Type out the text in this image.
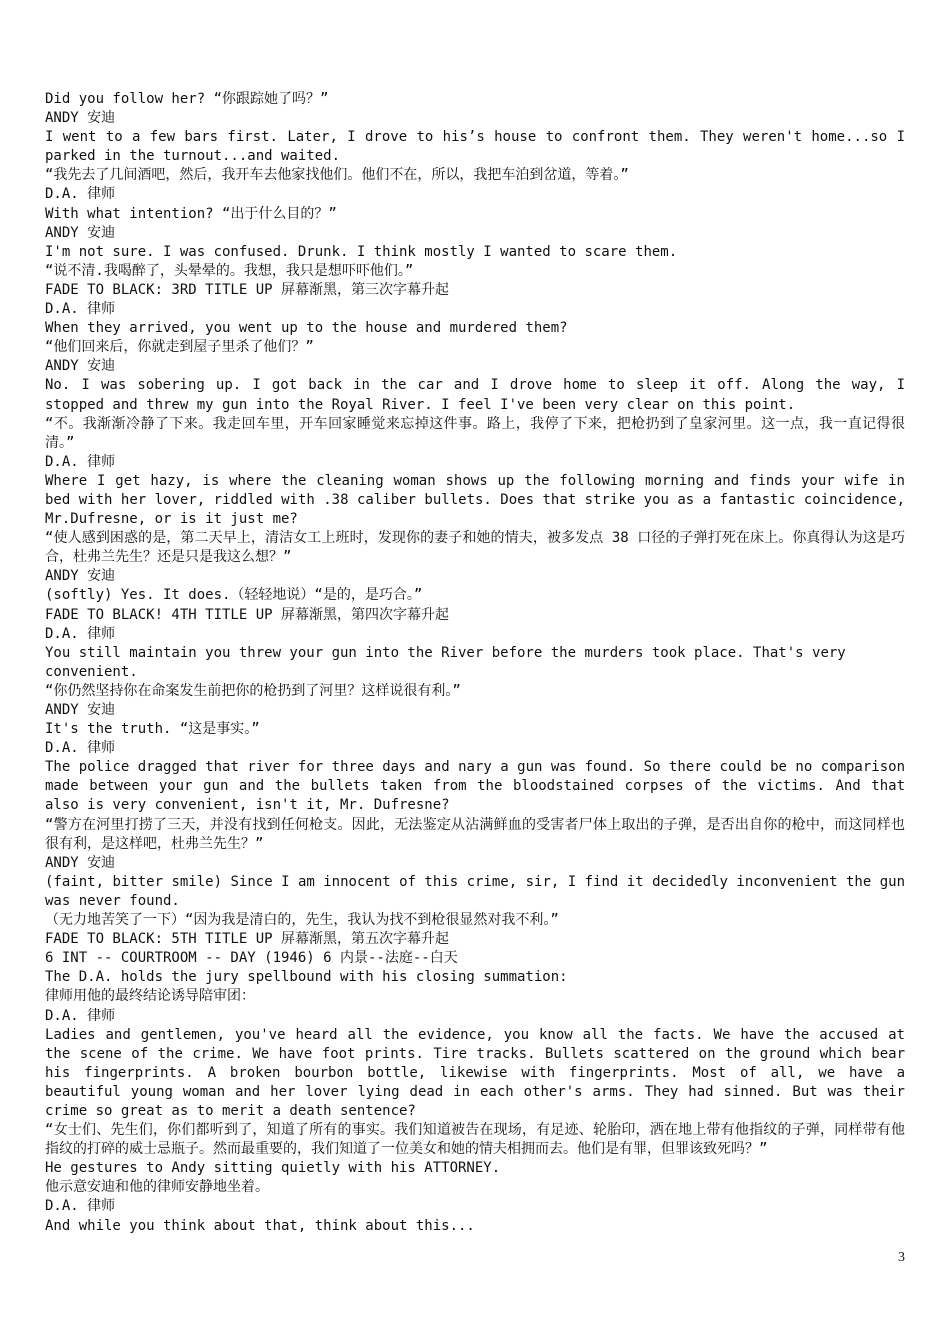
Did you follow her? “你跟踪她了吗？”

ANDY 安迪

I went to a few bars first. Later, I drove to his’s house to confront them. They weren't home...so I parked in the turnout...and waited.

“我先去了几间酒吧，然后，我开车去他家找他们。他们不在，所以，我把车泊到岔道，等着。”

D.A. 律师

With what intention? “出于什么目的？”

ANDY 安迪

I'm not sure. I was confused. Drunk. I think mostly I wanted to scare them.

“说不清.我喝醉了，头晕晕的。我想，我只是想吓吓他们。”

FADE TO BLACK: 3RD TITLE UP 屏幕渐黑，第三次字幕升起

D.A. 律师

When they arrived, you went up to the house and murdered them?

“他们回来后，你就走到屋子里杀了他们？”

ANDY 安迪

No. I was sobering up. I got back in the car and I drove home to sleep it off. Along the way, I stopped and threw my gun into the Royal River. I feel I've been very clear on this point.

“不。我渐渐冷静了下来。我走回车里，开车回家睡觉来忘掉这件事。路上，我停了下来，把枪扔到了皇家河里。这一点，我一直记得很清。”

D.A. 律师

Where I get hazy, is where the cleaning woman shows up the following morning and finds your wife in bed with her lover, riddled with .38 caliber bullets. Does that strike you as a fantastic coincidence, Mr.Dufresne, or is it just me?

“使人感到困惑的是，第二天早上，清洁女工上班时，发现你的妻子和她的情夫，被多发点 38 口径的子弹打死在床上。你真得认为这是巧合，杜弗兰先生？还是只是我这么想？”

ANDY 安迪

(softly) Yes. It does.（轻轻地说）“是的，是巧合。”

FADE TO BLACK! 4TH TITLE UP 屏幕渐黑，第四次字幕升起

D.A. 律师

You still maintain you threw your gun into the River before the murders took place. That's very convenient.

“你仍然坚持你在命案发生前把你的枪扔到了河里？这样说很有利。”

ANDY 安迪

It's the truth. “这是事实。”

D.A. 律师

The police dragged that river for three days and nary a gun was found. So there could be no comparison made between your gun and the bullets taken from the bloodstained corpses of the victims. And that also is very convenient, isn't it, Mr. Dufresne?

“警方在河里打捞了三天，并没有找到任何枪支。因此，无法鉴定从沾满鲜血的受害者尸体上取出的子弹，是否出自你的枪中，而这同样也很有利，是这样吧，杜弗兰先生？”

ANDY 安迪

(faint, bitter smile) Since I am innocent of this crime, sir, I find it decidedly inconvenient the gun was never found.

（无力地苦笑了一下）“因为我是清白的，先生，我认为找不到枪很显然对我不利。”

FADE TO BLACK: 5TH TITLE UP 屏幕渐黑，第五次字幕升起

6 INT -- COURTROOM -- DAY (1946) 6 内景--法庭--白天

The D.A. holds the jury spellbound with his closing summation:

律师用他的最终结论诱导陪审团：

D.A. 律师

Ladies and gentlemen, you've heard all the evidence, you know all the facts. We have the accused at the scene of the crime. We have foot prints. Tire tracks. Bullets scattered on the ground which bear his fingerprints. A broken bourbon bottle, likewise with fingerprints. Most of all, we have a beautiful young woman and her lover lying dead in each other's arms. They had sinned. But was their crime so great as to merit a death sentence?

“女士们、先生们，你们都听到了，知道了所有的事实。我们知道被告在现场，有足迹、轮胎印，洒在地上带有他指纹的子弹，同样带有他指纹的打碎的威士忌瓶子。然而最重要的，我们知道了一位美女和她的情夫相拥而去。他们是有罪，但罪该致死吗？”

He gestures to Andy sitting quietly with his ATTORNEY.

他示意安迪和他的律师安静地坐着。

D.A. 律师

And while you think about that, think about this...

3
